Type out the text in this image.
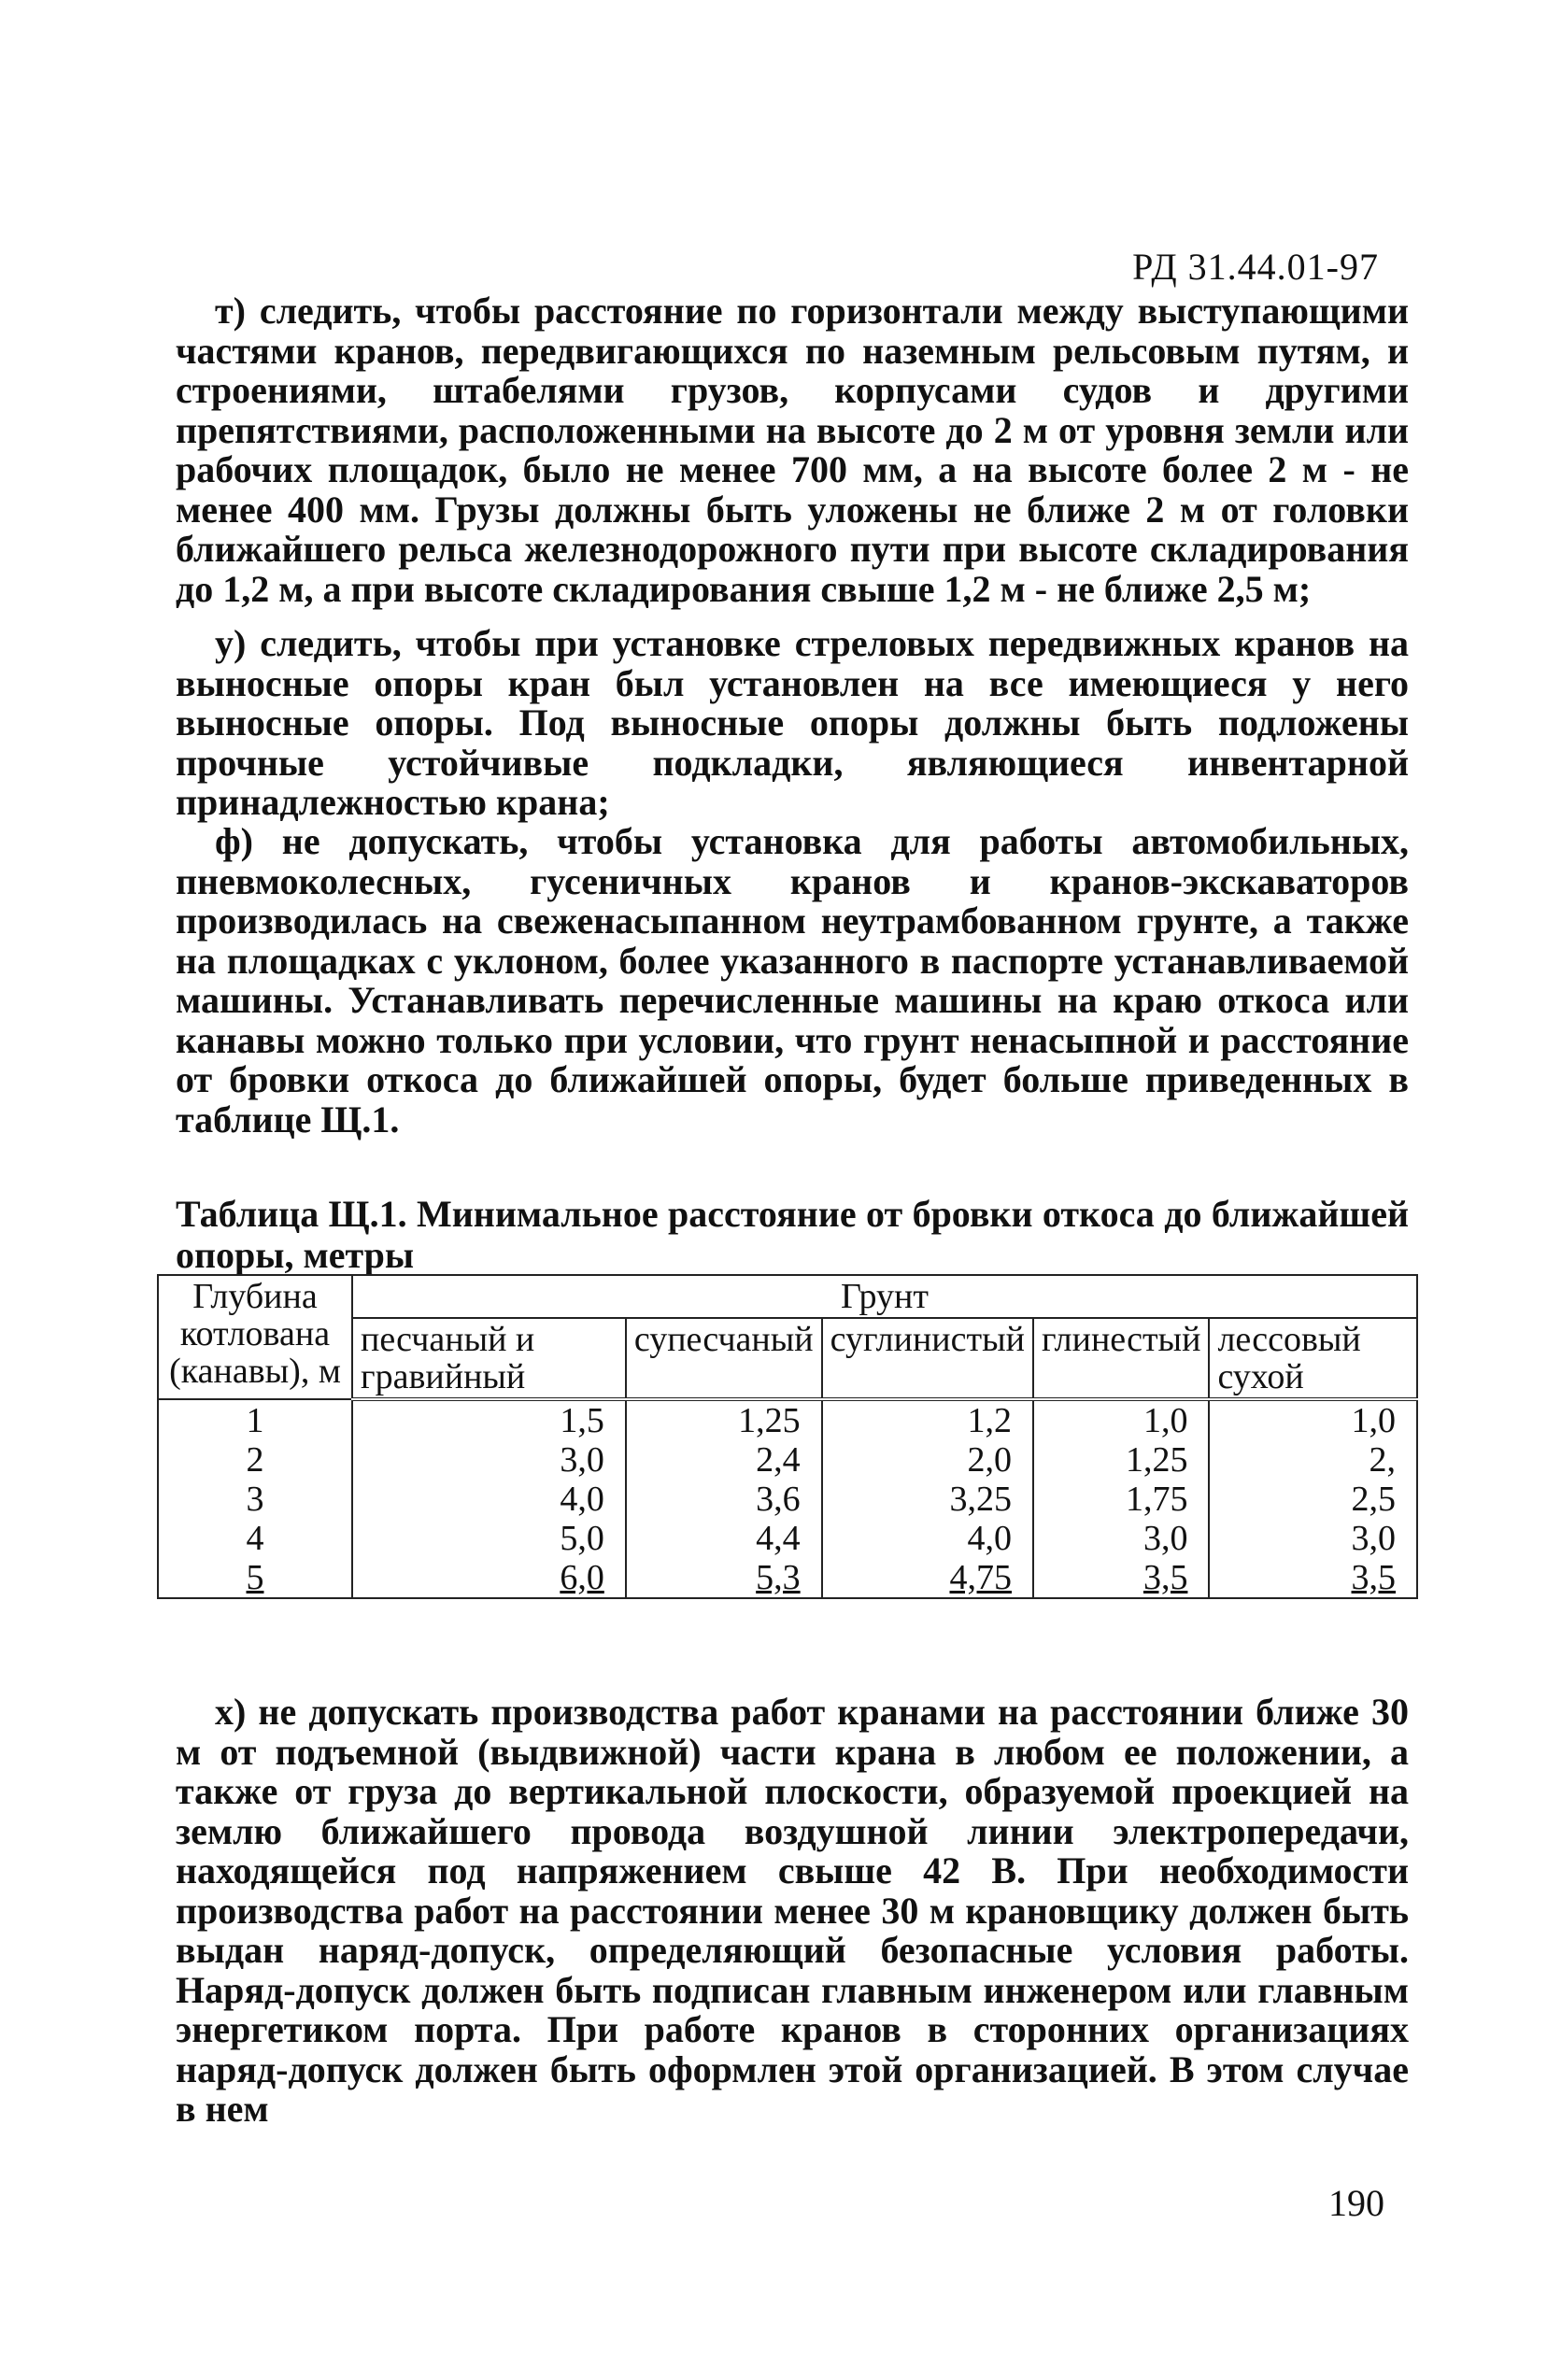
РД 31.44.01-97

т) следить, чтобы расстояние по горизонтали между выступающими частями кранов, передвигающихся по наземным рельсовым путям, и строениями, штабелями грузов, корпусами судов и другими препятствиями, расположенными на высоте до 2 м от уровня земли или рабочих площадок, было не менее 700 мм, а на высоте более 2 м - не менее 400 мм. Грузы должны быть уложены не ближе 2 м от головки ближайшего рельса железнодорожного пути при высоте складирования до 1,2 м, а при высоте складирования свыше 1,2 м - не ближе 2,5 м;

у) следить, чтобы при установке стреловых передвижных кранов на выносные опоры кран был установлен на все имеющиеся у него выносные опоры. Под выносные опоры должны быть подложены прочные устойчивые подкладки, являющиеся инвентарной принадлежностью крана;

ф) не допускать, чтобы установка для работы автомобильных, пневмоколесных, гусеничных кранов и кранов-экскаваторов производилась на свеженасыпанном неутрамбованном грунте, а также на площадках с уклоном, более указанного в паспорте устанавливаемой машины. Устанавливать перечисленные машины на краю откоса или канавы можно только при условии, что грунт ненасыпной и расстояние от бровки откоса до ближайшей опоры, будет больше приведенных в таблице Щ.1.

Таблица Щ.1. Минимальное расстояние от бровки откоса до ближайшей опоры, метры
Глубина котлована (канавы), м	Грунт				
	песчаный и гравийный	супесчаный	суглинистый	глинестый	лессовый сухой
1	1,5	1,25	1,2	1,0	1,0
2	3,0	2,4	2,0	1,25	2,
3	4,0	3,6	3,25	1,75	2,5
4	5,0	4,4	4,0	3,0	3,0
5	6,0	5,3	4,75	3,5	3,5

х) не допускать производства работ кранами на расстоянии ближе 30 м от подъемной (выдвижной) части крана в любом ее положении, а также от груза до вертикальной плоскости, образуемой проекцией на землю ближайшего провода воздушной линии электропередачи, находящейся под напряжением свыше 42 В. При необходимости производства работ на расстоянии менее 30 м крановщику должен быть выдан наряд-допуск, определяющий безопасные условия работы. Наряд-допуск должен быть подписан главным инженером или главным энергетиком порта. При работе кранов в сторонних организациях наряд-допуск должен быть оформлен этой организацией. В этом случае в нем

190
